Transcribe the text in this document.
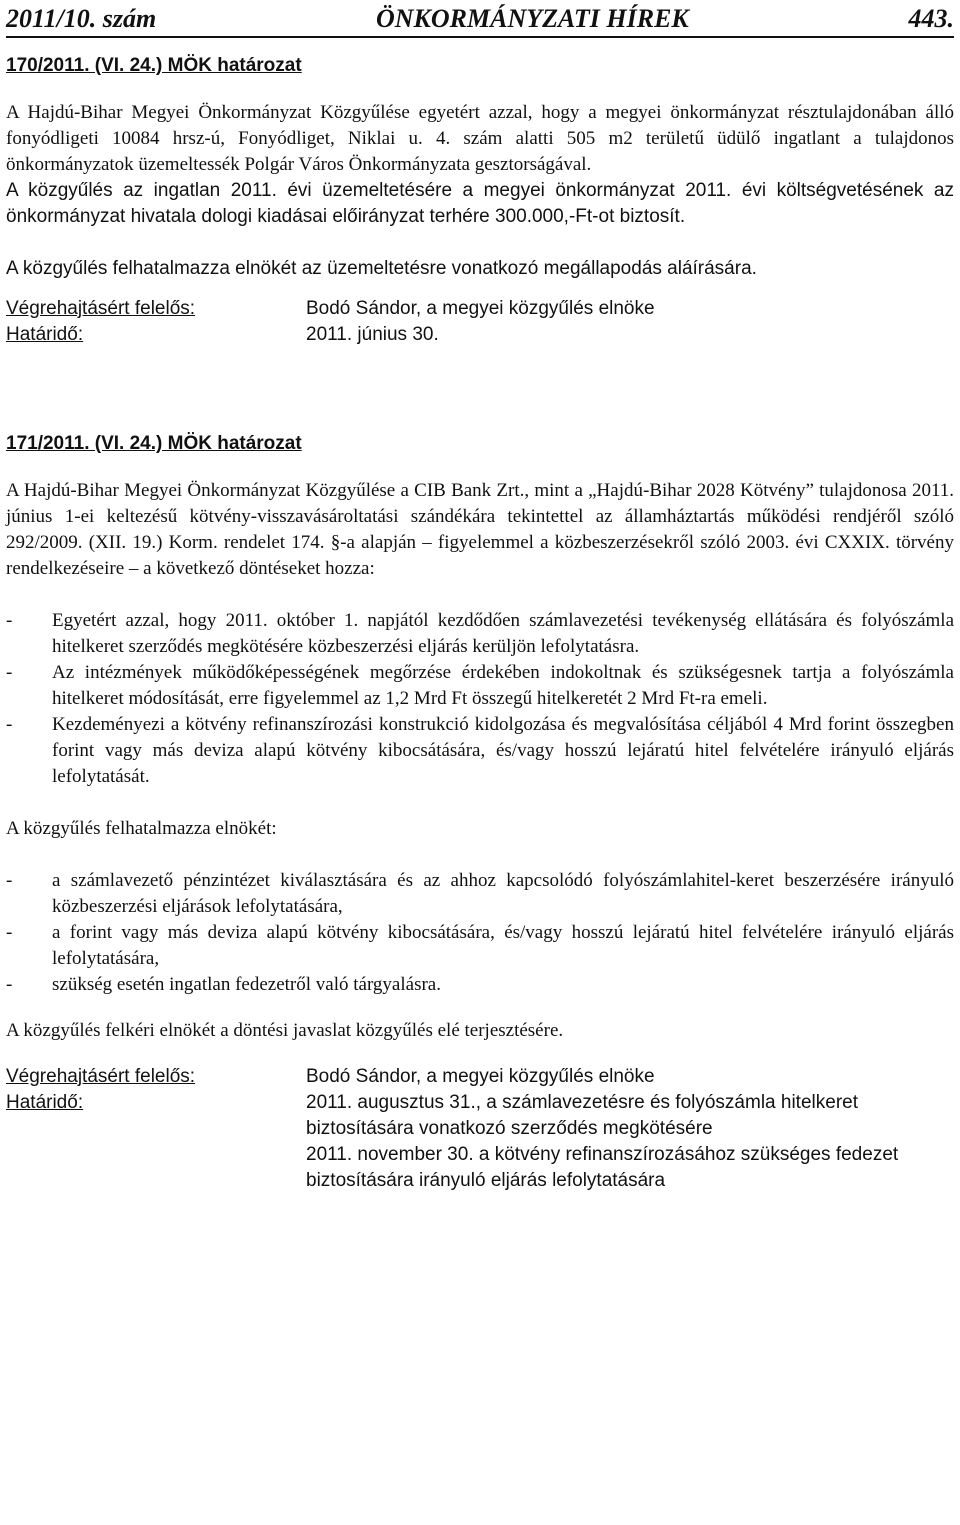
2011/10. szám	ÖNKORMÁNYZATI HÍREK	443.

170/2011. (VI. 24.) MÖK határozat

A Hajdú-Bihar Megyei Önkormányzat Közgyűlése egyetért azzal, hogy a megyei önkormányzat résztulajdonában álló fonyódligeti 10084 hrsz-ú, Fonyódliget, Niklai u. 4. szám alatti 505 m2 területű üdülő ingatlant a tulajdonos önkormányzatok üzemeltessék Polgár Város Önkormányzata gesztorságával.

A közgyűlés az ingatlan 2011. évi üzemeltetésére a megyei önkormányzat 2011. évi költségvetésének az önkormányzat hivatala dologi kiadásai előirányzat terhére 300.000,-Ft-ot biztosít.

A közgyűlés felhatalmazza elnökét az üzemeltetésre vonatkozó megállapodás aláírására.

Végrehajtásért felelős:	Bodó Sándor, a megyei közgyűlés elnöke
Határidő:	2011. június 30.

171/2011. (VI. 24.) MÖK határozat

A Hajdú-Bihar Megyei Önkormányzat Közgyűlése a CIB Bank Zrt., mint a „Hajdú-Bihar 2028 Kötvény” tulajdonosa 2011. június 1-ei keltezésű kötvény-visszavásároltatási szándékára tekintettel az államháztartás működési rendjéről szóló 292/2009. (XII. 19.) Korm. rendelet 174. §-a alapján – figyelemmel a közbeszerzésekről szóló 2003. évi CXXIX. törvény rendelkezéseire – a következő döntéseket hozza:

-	Egyetért azzal, hogy 2011. október 1. napjától kezdődően számlavezetési tevékenység ellátására és folyószámla hitelkeret szerződés megkötésére közbeszerzési eljárás kerüljön lefolytatásra.
-	Az intézmények működőképességének megőrzése érdekében indokoltnak és szükségesnek tartja a folyószámla hitelkeret módosítását, erre figyelemmel az 1,2 Mrd Ft összegű hitelkeretét 2 Mrd Ft-ra emeli.
-	Kezdeményezi a kötvény refinanszírozási konstrukció kidolgozása és megvalósítása céljából 4 Mrd forint összegben forint vagy más deviza alapú kötvény kibocsátására, és/vagy hosszú lejáratú hitel felvételére irányuló eljárás lefolytatását.

A közgyűlés felhatalmazza elnökét:

-	a számlavezető pénzintézet kiválasztására és az ahhoz kapcsolódó folyószámlahitel-keret beszerzésére irányuló közbeszerzési eljárások lefolytatására,
-	a forint vagy más deviza alapú kötvény kibocsátására, és/vagy hosszú lejáratú hitel felvételére irányuló eljárás lefolytatására,
-	szükség esetén ingatlan fedezetről való tárgyalásra.

A közgyűlés felkéri elnökét a döntési javaslat közgyűlés elé terjesztésére.

Végrehajtásért felelős:	Bodó Sándor, a megyei közgyűlés elnöke
Határidő:	2011. augusztus 31., a számlavezetésre és folyószámla hitelkeret biztosítására vonatkozó szerződés megkötésére
	2011. november 30. a kötvény refinanszírozásához szükséges fedezet biztosítására irányuló eljárás lefolytatására
